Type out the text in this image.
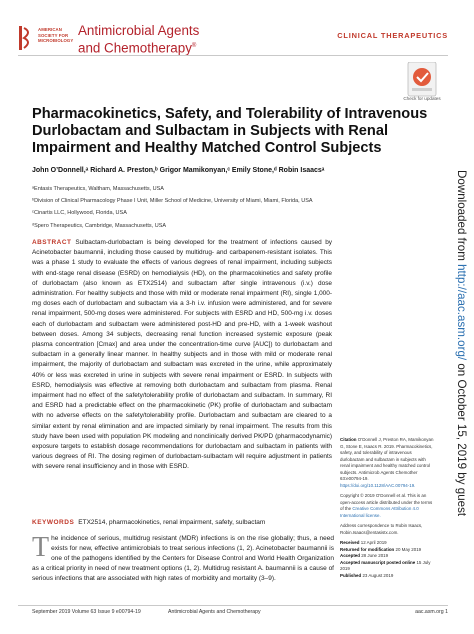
AMERICAN SOCIETY FOR MICROBIOLOGY
Antimicrobial Agents
and Chemotherapy®
CLINICAL THERAPEUTICS
Check for updates
Pharmacokinetics, Safety, and Tolerability of Intravenous Durlobactam and Sulbactam in Subjects with Renal Impairment and Healthy Matched Control Subjects
John O’Donnell,ᵃ Richard A. Preston,ᵇ Grigor Mamikonyan,ᶜ Emily Stone,ᵈ Robin Isaacsᵃ
ᵃEntasis Therapeutics, Waltham, Massachusetts, USA
ᵇDivision of Clinical Pharmacology Phase I Unit, Miller School of Medicine, University of Miami, Miami, Florida, USA
ᶜCinartis LLC, Hollywood, Florida, USA
ᵈSpero Therapeutics, Cambridge, Massachusetts, USA
ABSTRACT Sulbactam-durlobactam is being developed for the treatment of infections caused by Acinetobacter baumannii, including those caused by multidrug- and carbapenem-resistant isolates. This was a phase 1 study to evaluate the effects of various degrees of renal impairment, including subjects with end-stage renal disease (ESRD) on hemodialysis (HD), on the pharmacokinetics and safety profile of durlobactam (also known as ETX2514) and sulbactam after single intravenous (i.v.) dose administration. For healthy subjects and those with mild or moderate renal impairment (RI), single 1,000-mg doses each of durlobactam and sulbactam via a 3-h i.v. infusion were administered, and for severe renal impairment, 500-mg doses were administered. For subjects with ESRD and HD, 500-mg i.v. doses each of durlobactam and sulbactam were administered post-HD and pre-HD, with a 1-week washout between doses. Among 34 subjects, decreasing renal function increased systemic exposure (peak plasma concentration [Cmax] and area under the concentration-time curve [AUC]) to durlobactam and sulbactam in a generally linear manner. In healthy subjects and in those with mild or moderate renal impairment, the majority of durlobactam and sulbactam was excreted in the urine, while approximately 40% or less was excreted in urine in subjects with severe renal impairment or ESRD. In subjects with ESRD, hemodialysis was effective at removing both durlobactam and sulbactam from plasma. Renal impairment had no effect of the safety/tolerability profile of durlobactam and sulbactam. In summary, RI and ESRD had a predictable effect on the pharmacokinetic (PK) profile of durlobactam and sulbactam with no adverse effects on the safety/tolerability profile. Durlobactam and sulbactam are cleared to a similar extent by renal elimination and are impacted similarly by renal impairment. The results from this study have been used with population PK modeling and nonclinically derived PK/PD (pharmacodynamic) exposure targets to establish dosage recommendations for durlobactam and sulbactam in patients with various degrees of RI. The dosing regimen of durlobactam-sulbactam will require adjustment in patients with severe renal insufficiency and in those with ESRD.
KEYWORDS ETX2514, pharmacokinetics, renal impairment, safety, sulbactam

Citation O’Donnell J, Preston RA, Mamikonyan G, Stone E, Isaacs R. 2019. Pharmacokinetics, safety, and tolerability of intravenous durlobactam and sulbactam in subjects with renal impairment and healthy matched control subjects. Antimicrob Agents Chemother 63:e00794-19. https://doi.org/10.1128/AAC.00794-19.

Copyright © 2019 O’Donnell et al. This is an open-access article distributed under the terms of the Creative Commons Attribution 4.0 International license.

Address correspondence to Robin Isaacs, Robin.Isaacs@entasistx.com.

Received 12 April 2019
Returned for modification 20 May 2019
Accepted 28 June 2019
Accepted manuscript posted online 15 July 2019
Published 23 August 2019

The incidence of serious, multidrug resistant (MDR) infections is on the rise globally; thus, a need exists for new, effective antimicrobials to treat serious infections (1, 2). Acinetobacter baumannii is one of the pathogens identified by the Centers for Disease Control and World Health Organization as a critical priority in need of new treatment options (1, 2). Multidrug resistant A. baumannii is a cause of serious infections that are associated with high rates of morbidity and mortality (3–9).
September 2019 Volume 63 Issue 9 e00794-19	Antimicrobial Agents and Chemotherapy	aac.asm.org 1
Downloaded from http://aac.asm.org/ on October 15, 2019 by guest
